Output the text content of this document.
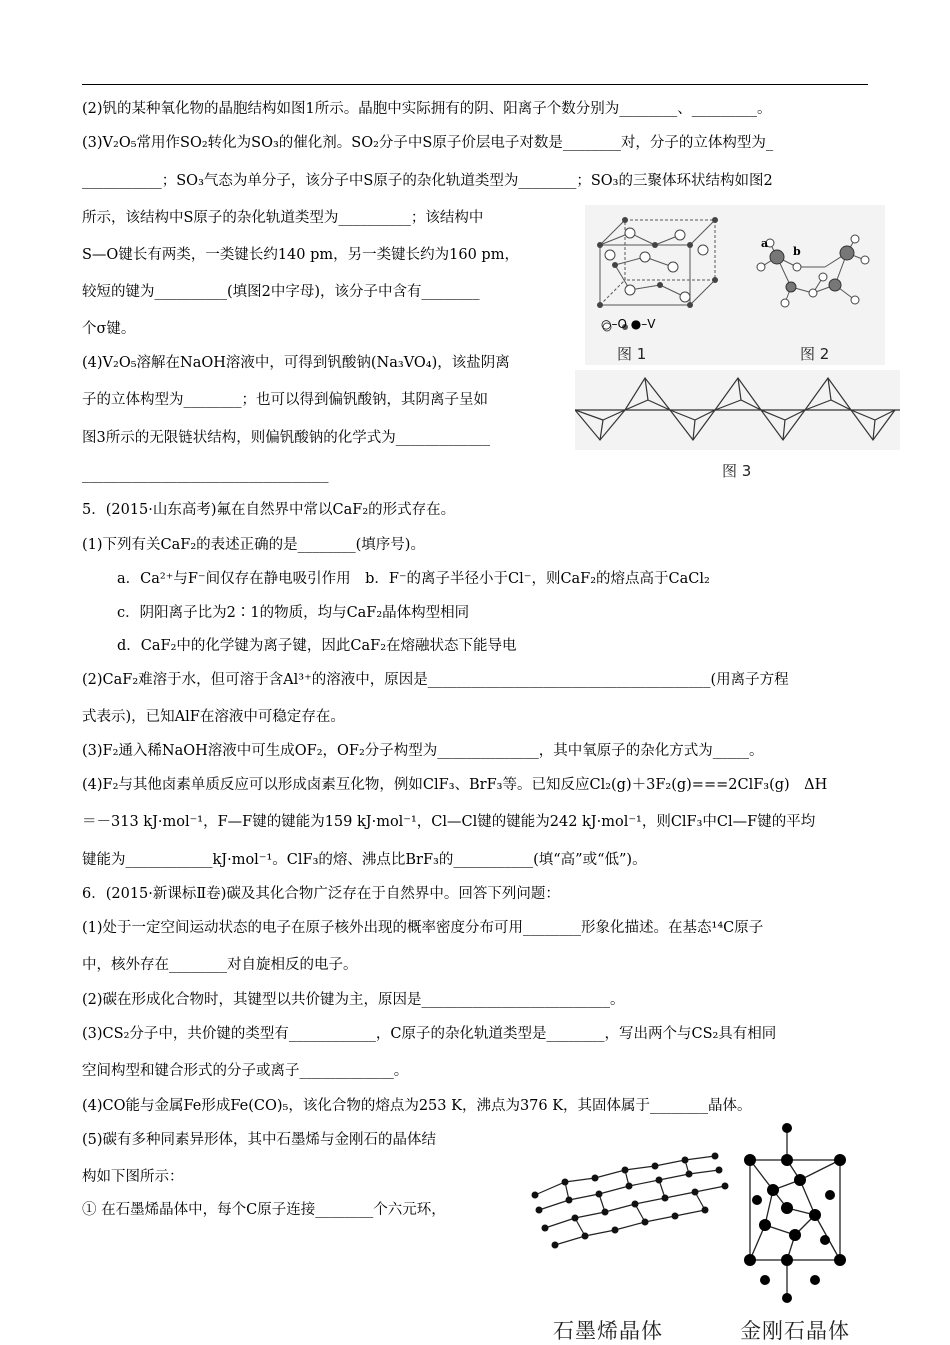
(2)钒的某种氧化物的晶胞结构如图1所示。晶胞中实际拥有的阴、阳离子个数分别为________、_________。
(3)V₂O₅常用作SO₂转化为SO₃的催化剂。SO₂分子中S原子价层电子对数是________对，分子的立体构型为_
___________；SO₃气态为单分子，该分子中S原子的杂化轨道类型为________；SO₃的三聚体环状结构如图2
所示，该结构中S原子的杂化轨道类型为__________；该结构中
S—O键长有两类，一类键长约140 pm，另一类键长约为160 pm，
较短的键为__________(填图2中字母)，该分子中含有________
个σ键。
(4)V₂O₅溶解在NaOH溶液中，可得到钒酸钠(Na₃VO₄)，该盐阴离
子的立体构型为________；也可以得到偏钒酸钠，其阴离子呈如
图3所示的无限链状结构，则偏钒酸钠的化学式为_____________
__________________________________
5．(2015·山东高考)氟在自然界中常以CaF₂的形式存在。
(1)下列有关CaF₂的表述正确的是________(填序号)。
a．Ca²⁺与F⁻间仅存在静电吸引作用　b．F⁻的离子半径小于Cl⁻，则CaF₂的熔点高于CaCl₂
c．阴阳离子比为2∶1的物质，均与CaF₂晶体构型相同
d．CaF₂中的化学键为离子键，因此CaF₂在熔融状态下能导电
(2)CaF₂难溶于水，但可溶于含Al³⁺的溶液中，原因是_______________________________________(用离子方程
式表示)，已知AlF在溶液中可稳定存在。
(3)F₂通入稀NaOH溶液中可生成OF₂，OF₂分子构型为______________，其中氧原子的杂化方式为_____。
(4)F₂与其他卤素单质反应可以形成卤素互化物，例如ClF₃、BrF₃等。已知反应Cl₂(g)＋3F₂(g)===2ClF₃(g)　ΔH
＝－313 kJ·mol⁻¹，F—F键的键能为159 kJ·mol⁻¹，Cl—Cl键的键能为242 kJ·mol⁻¹，则ClF₃中Cl—F键的平均
键能为____________kJ·mol⁻¹。ClF₃的熔、沸点比BrF₃的___________(填“高”或“低”)。
6．(2015·新课标Ⅱ卷)碳及其化合物广泛存在于自然界中。回答下列问题：
(1)处于一定空间运动状态的电子在原子核外出现的概率密度分布可用________形象化描述。在基态¹⁴C原子
中，核外存在________对自旋相反的电子。
(2)碳在形成化合物时，其键型以共价键为主，原因是__________________________。
(3)CS₂分子中，共价键的类型有____________，C原子的杂化轨道类型是________，写出两个与CS₂具有相同
空间构型和键合形式的分子或离子_____________。
(4)CO能与金属Fe形成Fe(CO)₅，该化合物的熔点为253 K，沸点为376 K，其固体属于________晶体。
(5)碳有多种同素异形体，其中石墨烯与金刚石的晶体结
构如下图所示：
① 在石墨烯晶体中，每个C原子连接________个六元环，
a
b
○–O ●–V
图 1	图 2
图 3
石墨烯晶体	金刚石晶体
